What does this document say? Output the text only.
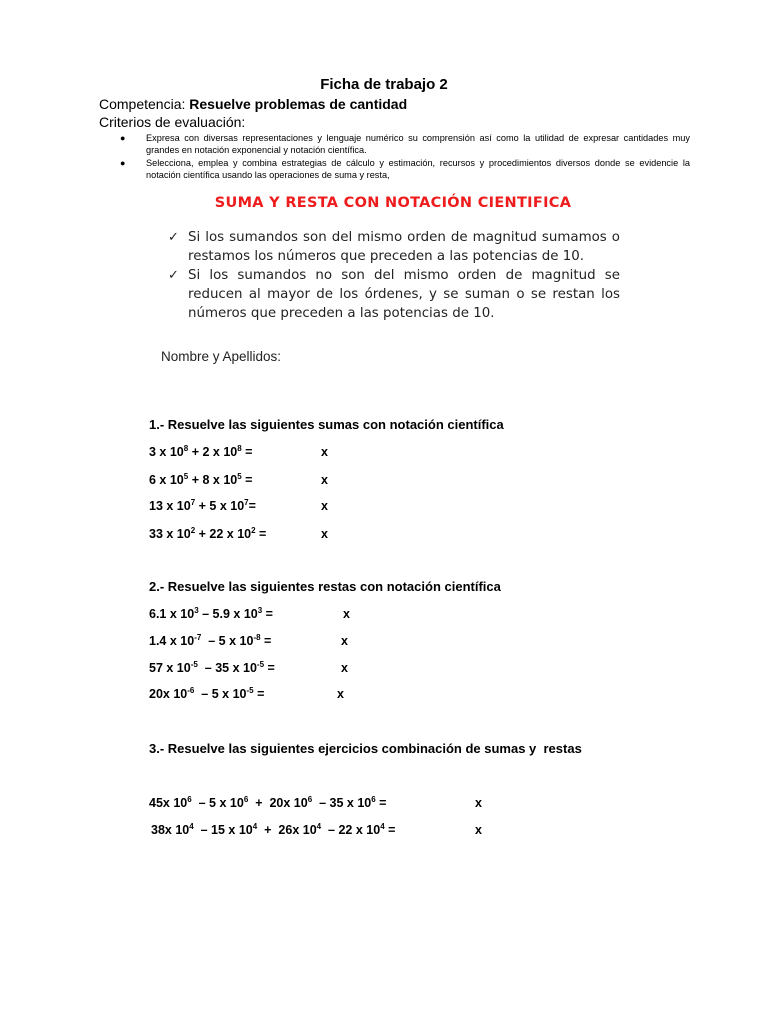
Ficha de trabajo 2
Competencia: Resuelve problemas de cantidad
Criterios de evaluación:
● Expresa con diversas representaciones y lenguaje numérico su comprensión así como la utilidad de expresar cantidades muy grandes en notación exponencial y notación científica.
● Selecciona, emplea y combina estrategias de cálculo y estimación, recursos y procedimientos diversos donde se evidencie la notación científica usando las operaciones de suma y resta,
SUMA Y RESTA CON NOTACIÓN CIENTIFICA
✓ Si los sumandos son del mismo orden de magnitud sumamos o restamos los números que preceden a las potencias de 10.
✓ Si los sumandos no son del mismo orden de magnitud se reducen al mayor de los órdenes, y se suman o se restan los números que preceden a las potencias de 10.
Nombre y Apellidos:
1.- Resuelve las siguientes sumas con notación científica
3 x $10^8 + 2$ x $10^8$ =	x
6 x $10^5 + 8$ x $10^5$ =	x
13 x $10^7 + 5$ x $10^7=$	x
33 x $10^2 + 22$ x $10^2$ =	x
2.- Resuelve las siguientes restas con notación científica
6.1 x $10^3 - 5.9$ x $10^3$ =	x
1.4 x $10^{-7} - 5$ x $10^{-8}$ =	x
57 x $10^{-5} - 35$ x $10^{-5}$ =	x
20x $10^{-6} - 5$ x $10^{-5}$ =	x
3.- Resuelve las siguientes ejercicios combinación de sumas y  restas
45x $10^6 - 5$ x $10^6 + 20x$ $10^6 - 35$ x $10^6$ =	x
38x $10^4 - 15$ x $10^4 + 26x$ $10^4 - 22$ x $10^4$ =	x
